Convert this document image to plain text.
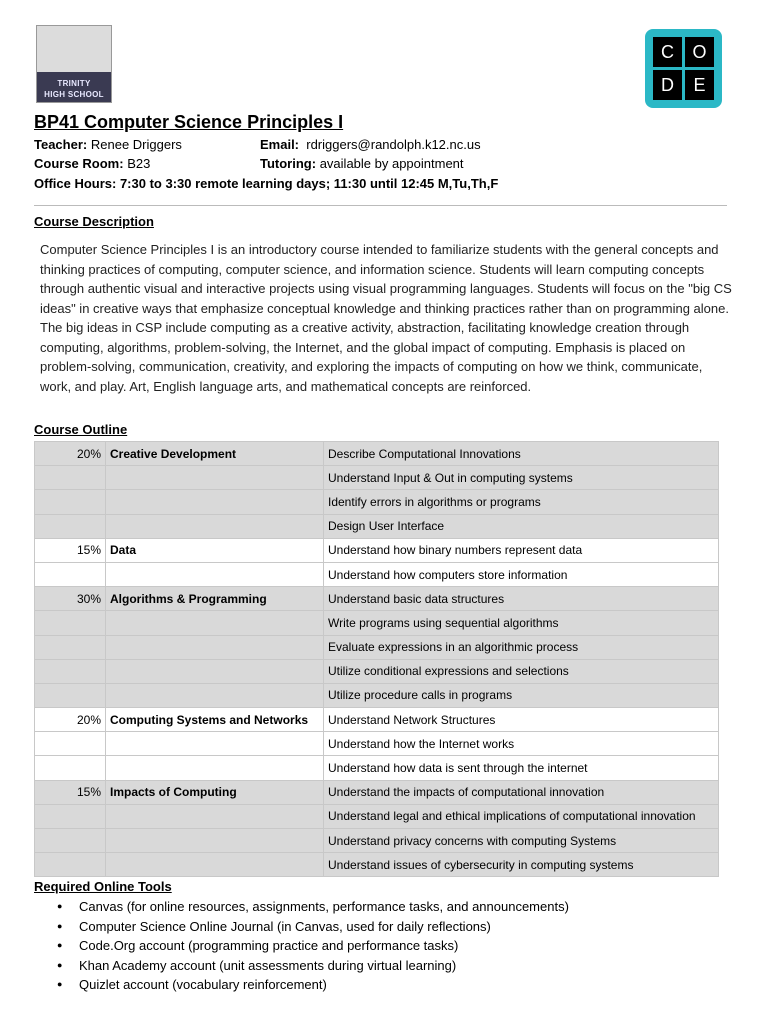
TRINITY
HIGH SCHOOL
C	O
D	E
BP41 Computer Science Principles I
Teacher: Renee Driggers	Email: rdriggers@randolph.k12.nc.us
Course Room: B23	Tutoring: available by appointment
Office Hours: 7:30 to 3:30 remote learning days; 11:30 until 12:45 M,Tu,Th,F
Course Description
Computer Science Principles I is an introductory course intended to familiarize students with the general concepts and
thinking practices of computing, computer science, and information science. Students will learn computing concepts
through authentic visual and interactive projects using visual programming languages. Students will focus on the "big CS
ideas" in creative ways that emphasize conceptual knowledge and thinking practices rather than on programming alone.
The big ideas in CSP include computing as a creative activity, abstraction, facilitating knowledge creation through
computing, algorithms, problem-solving, the Internet, and the global impact of computing. Emphasis is placed on
problem-solving, communication, creativity, and exploring the impacts of computing on how we think, communicate,
work, and play. Art, English language arts, and mathematical concepts are reinforced.
Course Outline
20%	Creative Development	Describe Computational Innovations
		Understand Input & Out in computing systems
		Identify errors in algorithms or programs
		Design User Interface
15%	Data	Understand how binary numbers represent data
		Understand how computers store information
30%	Algorithms & Programming	Understand basic data structures
		Write programs using sequential algorithms
		Evaluate expressions in an algorithmic process
		Utilize conditional expressions and selections
		Utilize procedure calls in programs
20%	Computing Systems and Networks	Understand Network Structures
		Understand how the Internet works
		Understand how data is sent through the internet
15%	Impacts of Computing	Understand the impacts of computational innovation
		Understand legal and ethical implications of computational innovation
		Understand privacy concerns with computing Systems
		Understand issues of cybersecurity in computing systems
Required Online Tools
● Canvas (for online resources, assignments, performance tasks, and announcements)
● Computer Science Online Journal (in Canvas, used for daily reflections)
● Code.Org account (programming practice and performance tasks)
● Khan Academy account (unit assessments during virtual learning)
● Quizlet account (vocabulary reinforcement)
